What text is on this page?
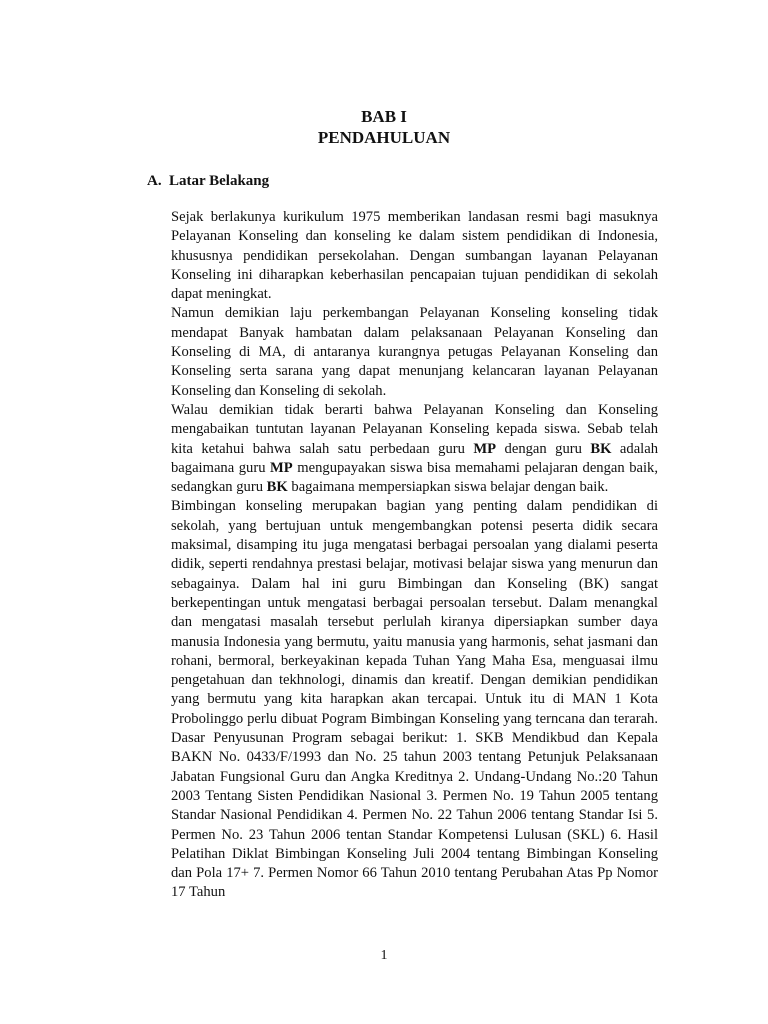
BAB I
PENDAHULUAN
A. Latar Belakang

Sejak berlakunya kurikulum 1975 memberikan landasan resmi bagi masuknya Pelayanan Konseling dan konseling ke dalam sistem pendidikan di Indonesia, khususnya pendidikan persekolahan. Dengan sumbangan layanan Pelayanan Konseling ini diharapkan keberhasilan pencapaian tujuan pendidikan di sekolah dapat meningkat.

Namun demikian laju perkembangan Pelayanan Konseling konseling tidak mendapat Banyak hambatan dalam pelaksanaan Pelayanan Konseling dan Konseling di MA, di antaranya kurangnya petugas Pelayanan Konseling dan Konseling serta sarana yang dapat menunjang kelancaran layanan Pelayanan Konseling dan Konseling di sekolah.

Walau demikian tidak berarti bahwa Pelayanan Konseling dan Konseling mengabaikan tuntutan layanan Pelayanan Konseling kepada siswa. Sebab telah kita ketahui bahwa salah satu perbedaan guru MP dengan guru BK adalah bagaimana guru MP mengupayakan siswa bisa memahami pelajaran dengan baik, sedangkan guru BK bagaimana mempersiapkan siswa belajar dengan baik.

Bimbingan konseling merupakan bagian yang penting dalam pendidikan di sekolah, yang bertujuan untuk mengembangkan potensi peserta didik secara maksimal, disamping itu juga mengatasi berbagai persoalan yang dialami peserta didik, seperti rendahnya prestasi belajar, motivasi belajar siswa yang menurun dan sebagainya. Dalam hal ini guru Bimbingan dan Konseling (BK) sangat berkepentingan untuk mengatasi berbagai persoalan tersebut. Dalam menangkal dan mengatasi masalah tersebut perlulah kiranya dipersiapkan sumber daya manusia Indonesia yang bermutu, yaitu manusia yang harmonis, sehat jasmani dan rohani, bermoral, berkeyakinan kepada Tuhan Yang Maha Esa, menguasai ilmu pengetahuan dan tekhnologi, dinamis dan kreatif. Dengan demikian pendidikan yang bermutu yang kita harapkan akan tercapai. Untuk itu di MAN 1 Kota Probolinggo perlu dibuat Pogram Bimbingan Konseling yang terncana dan terarah. Dasar Penyusunan Program sebagai berikut: 1. SKB Mendikbud dan Kepala BAKN No. 0433/F/1993 dan No. 25 tahun 2003 tentang Petunjuk Pelaksanaan Jabatan Fungsional Guru dan Angka Kreditnya 2. Undang-Undang No.:20 Tahun 2003 Tentang Sisten Pendidikan Nasional 3. Permen No. 19 Tahun 2005 tentang Standar Nasional Pendidikan 4. Permen No. 22 Tahun 2006 tentang Standar Isi 5. Permen No. 23 Tahun 2006 tentan Standar Kompetensi Lulusan (SKL) 6. Hasil Pelatihan Diklat Bimbingan Konseling Juli 2004 tentang Bimbingan Konseling dan Pola 17+ 7. Permen Nomor 66 Tahun 2010 tentang Perubahan Atas Pp Nomor 17 Tahun

1
